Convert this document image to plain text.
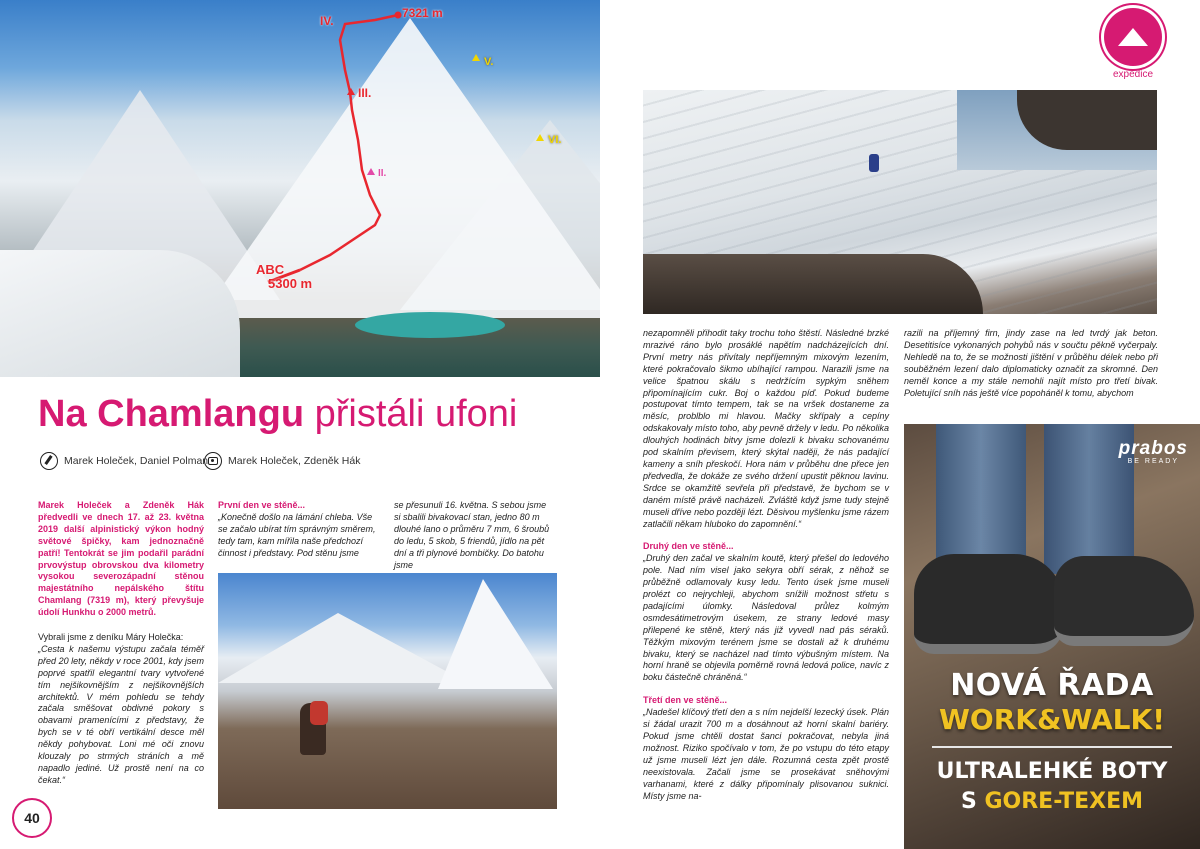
7321 m
IV.
III.
II.
V.
VI.
ABC
5300 m
Na Chamlangu přistáli ufoni
Marek Holeček, Daniel Polman Marek Holeček, Zdeněk Hák
Marek Holeček a Zdeněk Hák předvedli ve dnech 17. až 23. května 2019 další alpinistický výkon hodný světové špičky, kam jednoznačně patří! Tentokrát se jim podařil parádní prvovýstup obrovskou dva kilometry vysokou severozápadní stěnou majestátního nepálského štítu Chamlang (7319 m), který převyšuje údolí Hunkhu o 2000 metrů.
Vybrali jsme z deníku Máry Holečka:
„Cesta k našemu výstupu začala téměř před 20 lety, někdy v roce 2001, kdy jsem poprvé spatřil elegantní tvary vytvořené tím nejšikovnějším z nejšikovnějších architektů. V mém pohledu se tehdy začala směšovat obdivné pokory s obavami pramenícími z představy, že bych se v té obří vertikální desce měl někdy pohybovat. Loni mé oči znovu klouzaly po strmých stráních a mě napadlo jediné. Už prostě není na co čekat.“
První den ve stěně...
„Konečně došlo na lámání chleba. Vše se začalo ubírat tím správným směrem, tedy tam, kam mířila naše předchozí činnost i představy. Pod stěnu jsme
se přesunuli 16. května. S sebou jsme si sbalili bivakovací stan, jedno 80 m dlouhé lano o průměru 7 mm, 6 šroubů do ledu, 5 skob, 5 friendů, jídlo na pět dní a tři plynové bombičky. Do batohu jsme
40
expedice
nezapomněli přihodit taky trochu toho štěstí. Následné brzké mrazivé ráno bylo prosáklé napětím nadcházejících dní. První metry nás přivítaly nepříjemným mixovým lezením, které pokračovalo šikmo ubíhající rampou. Narazili jsme na velice špatnou skálu s nedržícím sypkým sněhem připomínajícím cukr. Boj o každou píď. Pokud budeme postupovat tímto tempem, tak se na vršek dostaneme za měsíc, problblo mi hlavou. Mačky skřípaly a cepíny odskakovaly místo toho, aby pevně držely v ledu. Po několika dlouhých hodinách bitvy jsme dolezli k bivaku schovanému pod skalním převisem, který skýtal naději, že nás padající kameny a sníh přeskočí. Hora nám v průběhu dne přece jen předvedla, že dokáže ze svého držení upustit pěknou lavinu. Srdce se okamžitě sevřela při představě, že bychom se v daném místě právě nacházeli. Zvláště když jsme tudy stejně museli dříve nebo později lézt. Děsivou myšlenku jsme rázem zatlačili někam hluboko do zapomnění.“
Druhý den ve stěně...
„Druhý den začal ve skalním koutě, který přešel do ledového pole. Nad ním visel jako sekyra obří sérak, z něhož se průběžně odlamovaly kusy ledu. Tento úsek jsme museli prolézt co nejrychleji, abychom snížili možnost střetu s padajícími úlomky. Následoval průlez kolmým osmdesátimetrovým úsekem, ze strany ledové masy přilepené ke stěně, který nás již vyvedl nad pás séraků. Těžkým mixovým terénem jsme se dostali až k druhému bivaku, který se nacházel nad tímto výbušným místem. Na horní hraně se objevila poměrně rovná ledová police, navíc z boku částečně chráněná.“
Třetí den ve stěně...
„Nadešel klíčový třetí den a s ním nejdelší lezecký úsek. Plán si žádal urazit 700 m a dosáhnout až horní skalní bariéry. Pokud jsme chtěli dostat šanci pokračovat, nebyla jiná možnost. Riziko spočívalo v tom, že po vstupu do této etapy už jsme museli lézt jen dále. Rozumná cesta zpět prostě neexistovala. Začali jsme se prosekávat sněhovými varhanami, které z dálky připomínaly plisovanou suknici. Místy jsme na-
razili na příjemný firn, jindy zase na led tvrdý jak beton. Desetitisíce vykonaných pohybů nás v součtu pěkně vyčerpaly. Nehledě na to, že se možnosti jištění v průběhu délek nebo při souběžném lezení dalo diplomaticky označit za skromné. Den neměl konce a my stále nemohli najít místo pro třetí bivak. Poletující sníh nás ještě více popoháněl k tomu, abychom
prabos
BE READY
NOVÁ ŘADA
WORK&WALK!
ULTRALEHKÉ BOTY
S GORE-TEXEM
